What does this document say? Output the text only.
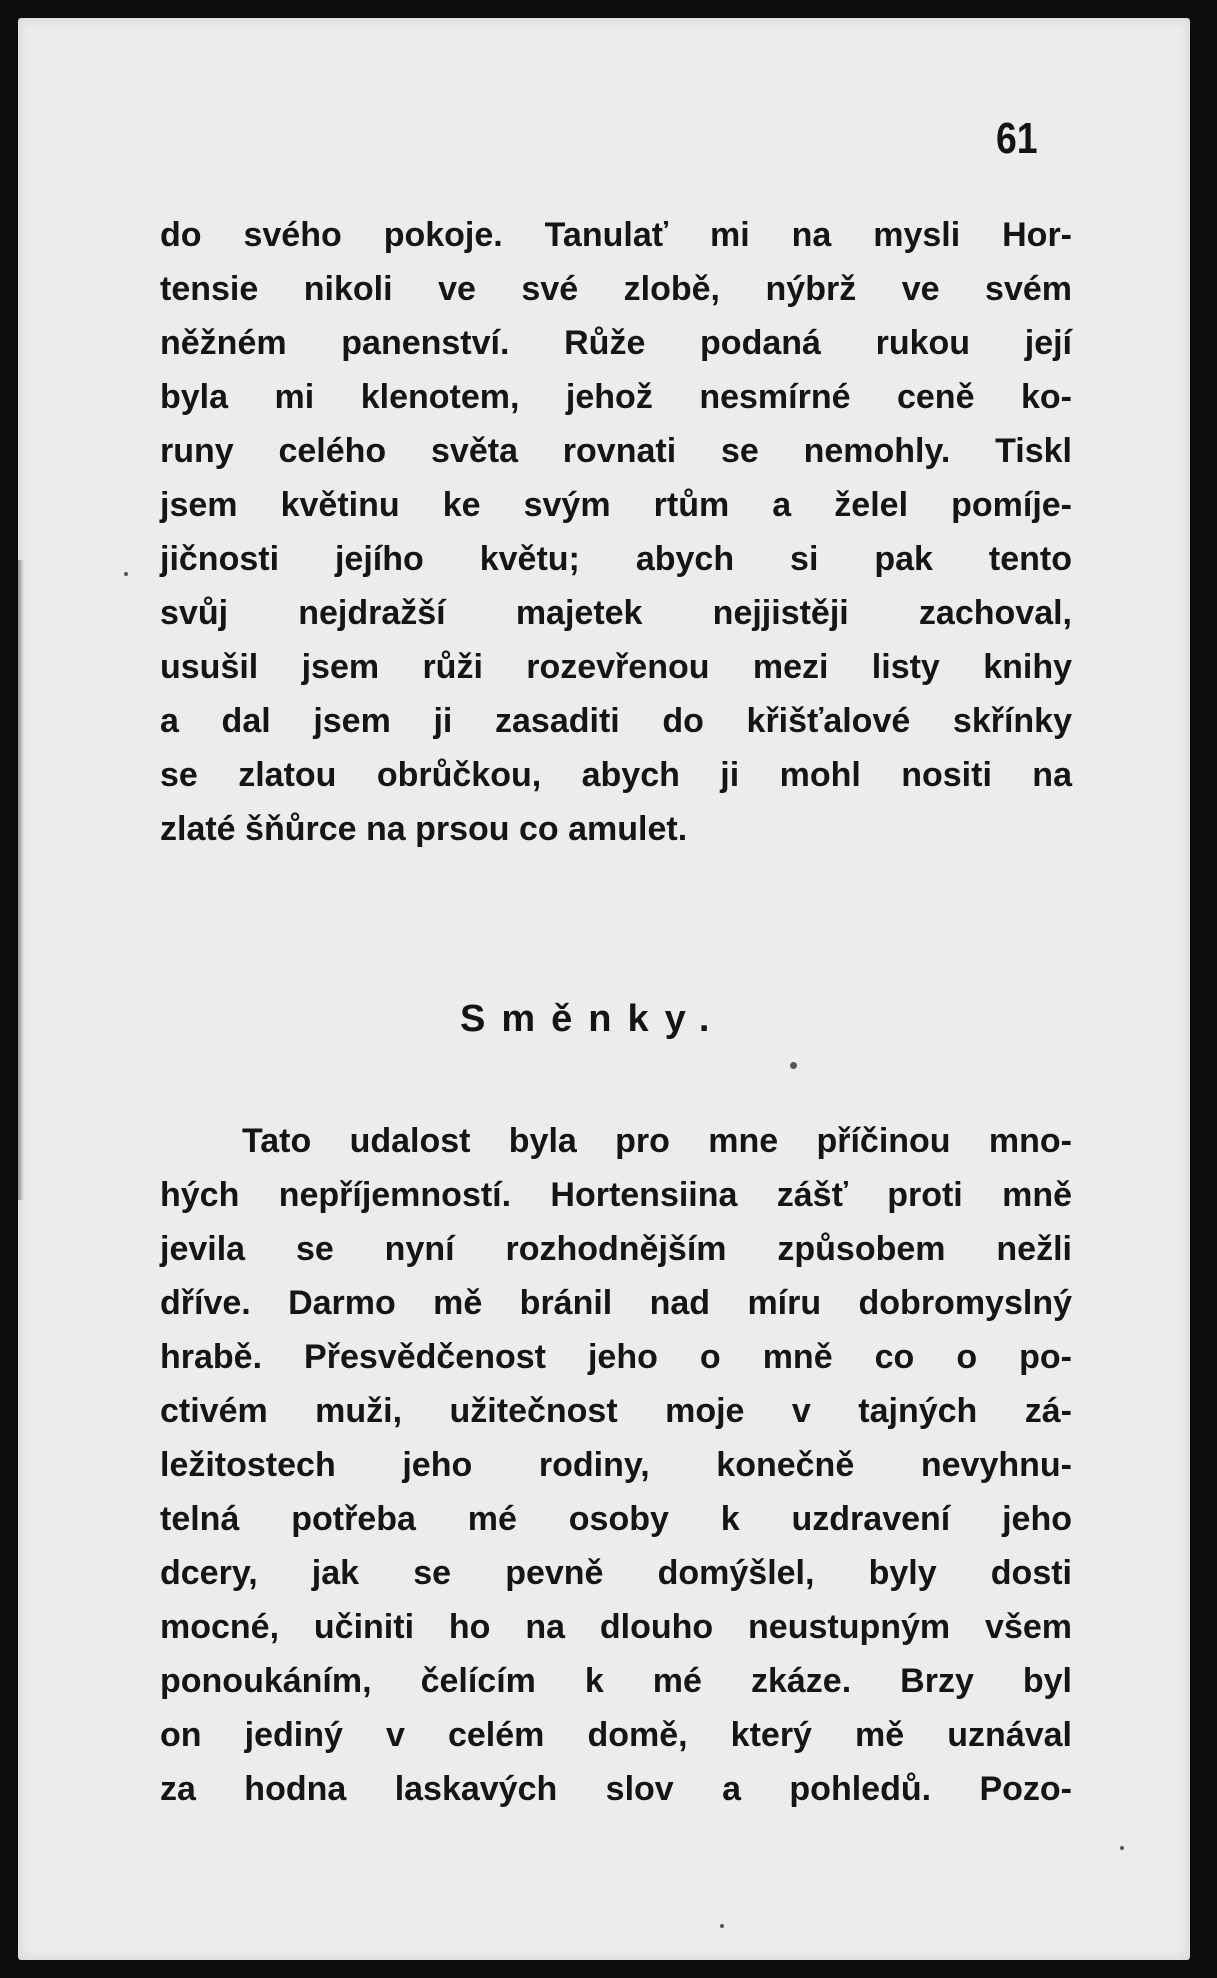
61
do svého pokoje. Tanulať mi na mysli Hor-
tensie nikoli ve své zlobě, nýbrž ve svém
něžném panenství. Růže podaná rukou její
byla mi klenotem, jehož nesmírné ceně ko-
runy celého světa rovnati se nemohly. Tiskl
jsem květinu ke svým rtům a želel pomíje-
jičnosti jejího květu; abych si pak tento
svůj nejdražší majetek nejjistěji zachoval,
usušil jsem růži rozevřenou mezi listy knihy
a dal jsem ji zasaditi do křišťalové skřínky
se zlatou obrůčkou, abych ji mohl nositi na
zlaté šňůrce na prsou co amulet.
Směnky.
Tato udalost byla pro mne příčinou mno-
hých nepříjemností. Hortensiina zášť proti mně
jevila se nyní rozhodnějším způsobem nežli
dříve. Darmo mě bránil nad míru dobromyslný
hrabě. Přesvědčenost jeho o mně co o po-
ctivém muži, užitečnost moje v tajných zá-
ležitostech jeho rodiny, konečně nevyhnu-
telná potřeba mé osoby k uzdravení jeho
dcery, jak se pevně domýšlel, byly dosti
mocné, učiniti ho na dlouho neustupným všem
ponoukáním, čelícím k mé zkáze. Brzy byl
on jediný v celém domě, který mě uznával
za hodna laskavých slov a pohledů. Pozo-
